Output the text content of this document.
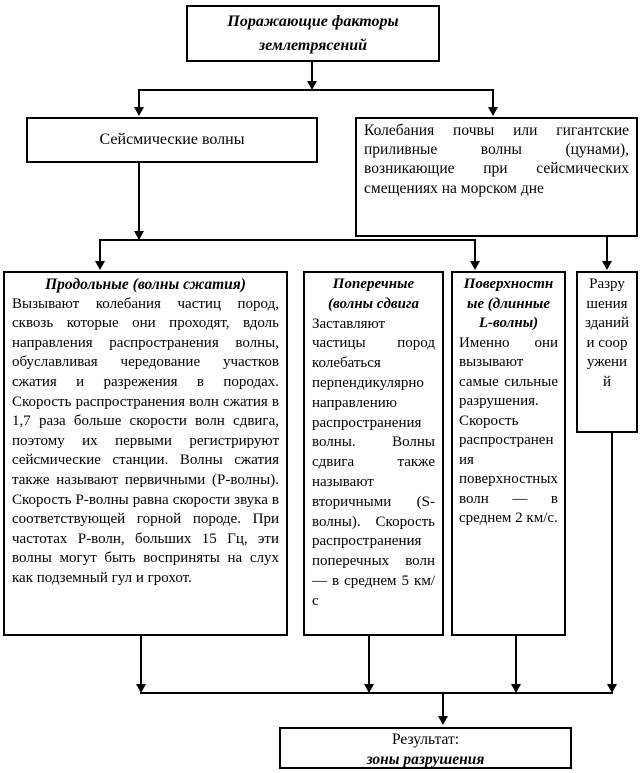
Поражающие факторы землетрясений
Сейсмические волны
Колебания почвы или гигантские приливные волны (цунами), возникающие при сейсмических смещениях на морском дне
Продольные (волны сжатия)
Вызывают колебания частиц пород, сквозь которые они проходят, вдоль направления распространения волны, обуславливая чередование участков сжатия и разрежения в породах. Скорость распространения волн сжатия в 1,7 раза больше скорости волн сдвига, поэтому их первыми регистрируют сейсмические станции. Волны сжатия также называют первичными (Р-волны). Скорость Р-волны равна скорости звука в соответствующей горной породе. При частотах Р-волн, больших 15 Гц, эти волны могут быть восприняты на слух как подземный гул и грохот.
Поперечные (волны сдвига
Заставляют частицы пород колебаться перпендикулярно направлению распространения волны. Волны сдвига также называют вторичными (S-волны). Скорость распространения поперечных волн — в среднем 5 км/с
Поверхностные (длинные L-волны)
Именно они вызывают самые сильные разрушения. Скорость распространения поверхностных волн — в среднем 2 км/с.
Разрушения зданий и сооружений
Результат:
зоны разрушения
